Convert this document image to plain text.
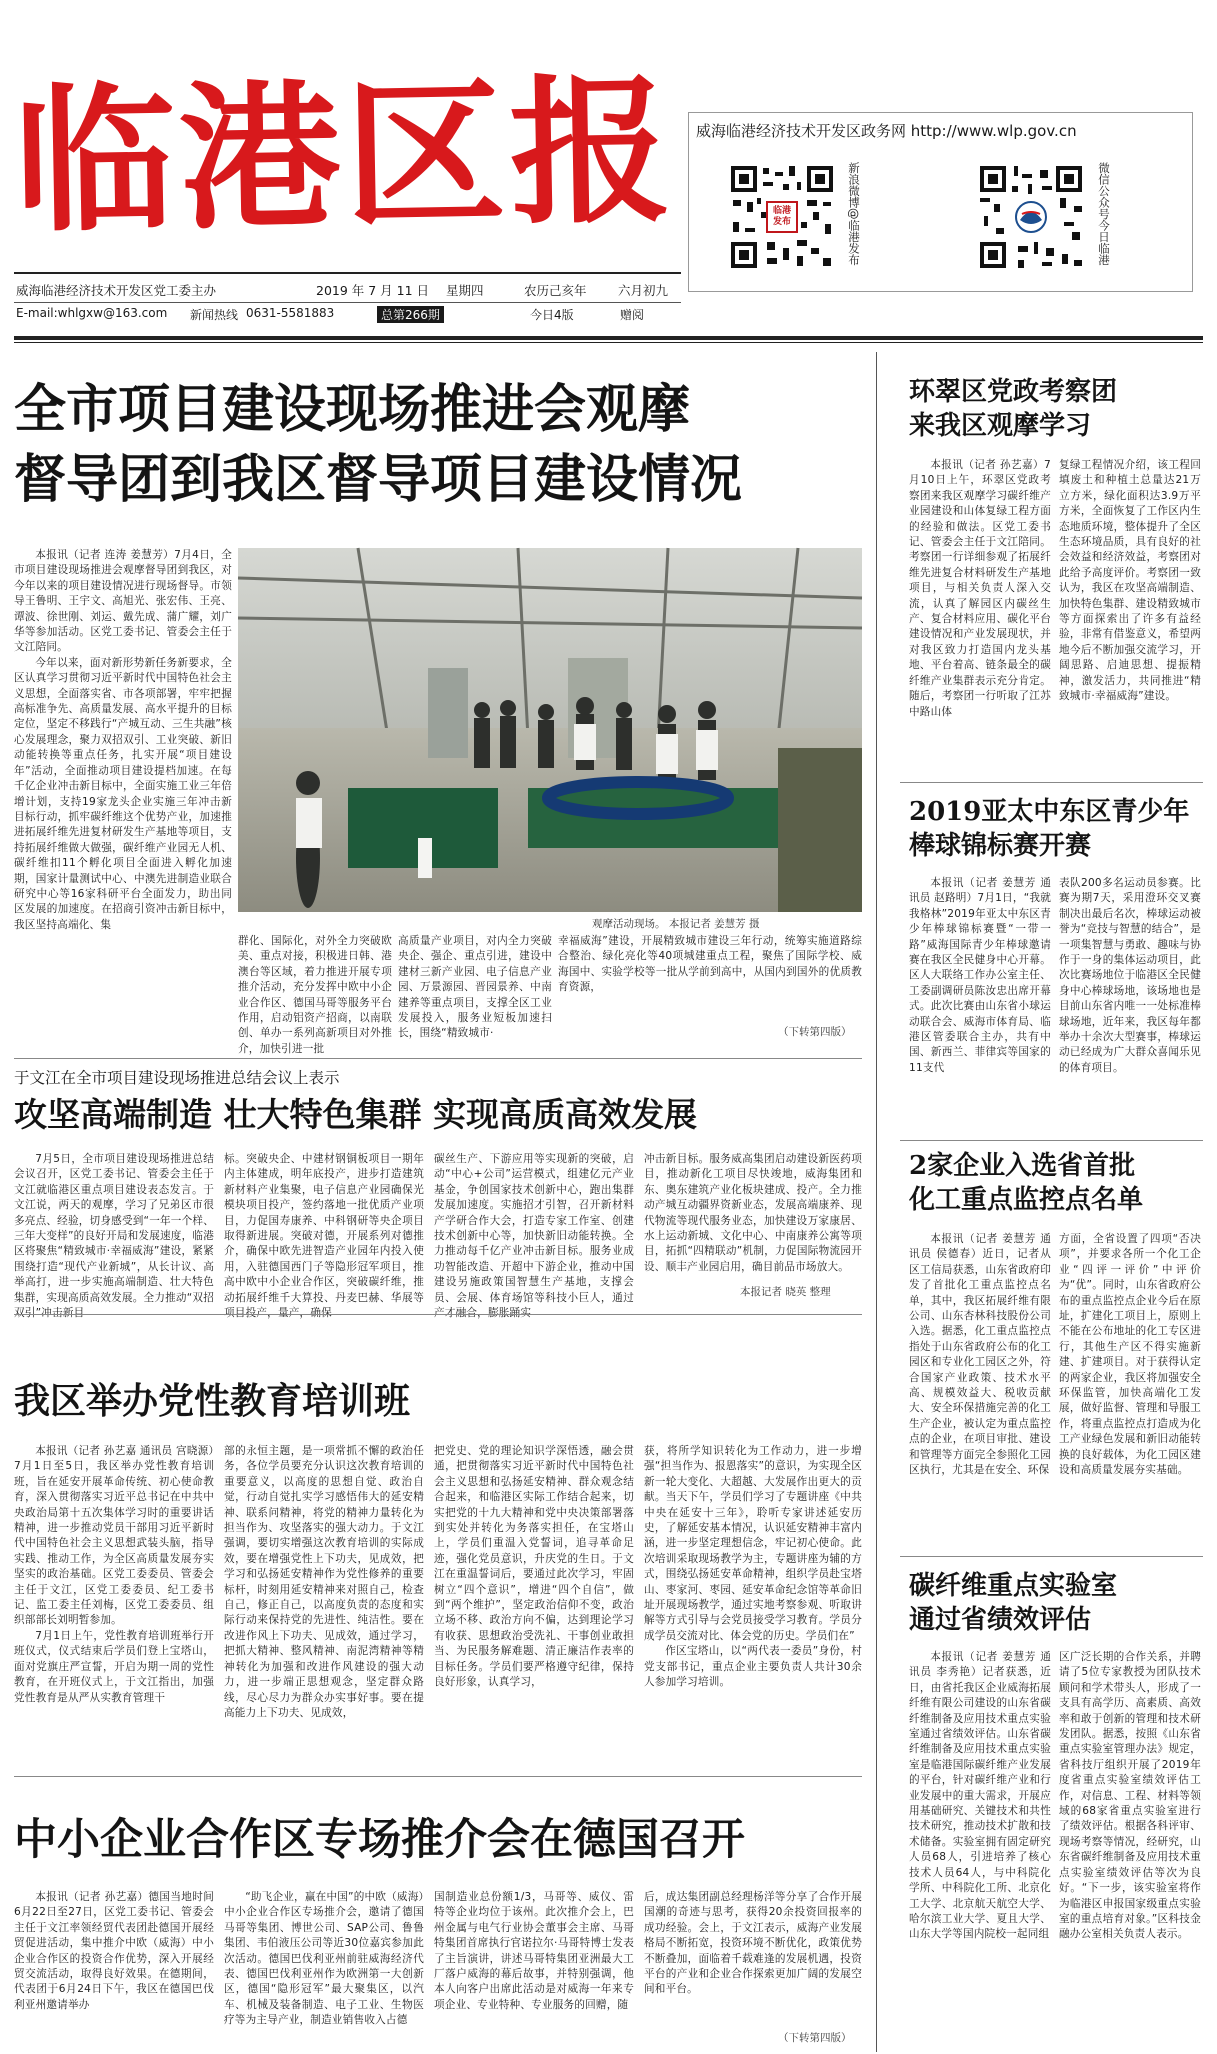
临港区报	威海临港经济技术开发区政务网 http://www.wlp.gov.cn
临港发布	新浪微博@临港发布	微信公众号今日临港
威海临港经济技术开发区党工委主办	2019 年 7 月 11 日 星期四	农历己亥年	六月初九
E-mail:whlgxw@163.com 新闻热线 0631-5581883	总第266期	今日4版	赠阅
全市项目建设现场推进会观摩
督导团到我区督导项目建设情况

本报讯（记者 连涛 姜慧芳）7月4日，全市项目建设现场推进会观摩督导团到我区，对今年以来的项目建设情况进行现场督导。市领导王鲁明、王宇文、高旭光、张宏伟、王亮、谭波、徐世刚、刘运、戴先成、蒲广耀，刘广华等参加活动。区党工委书记、管委会主任于文江陪同。

今年以来，面对新形势新任务新要求，全区认真学习贯彻习近平新时代中国特色社会主义思想，全面落实省、市各项部署，牢牢把握高标准争先、高质量发展、高水平提升的目标定位，坚定不移践行“产城互动、三生共融”核心发展理念，聚力双招双引、工业突破、新旧动能转换等重点任务，扎实开展“项目建设年”活动，全面推动项目建设提档加速。在每千亿企业冲击新目标中，全面实施工业三年倍增计划，支持19家龙头企业实施三年冲击新目标行动，抓牢碳纤维这个优势产业，加速推进拓展纤维先进复材研发生产基地等项目，支持拓展纤维做大做强，碳纤维产业园无人机、碳纤维扣11个孵化项目全面进入孵化加速期，国家计量测试中心、中澳先进制造业联合研究中心等16家科研平台全面发力，助出同区发展的加速度。在招商引资冲击新目标中，我区坚持高端化、集	观摩活动现场。 本报记者 姜慧芳 摄

群化、国际化，对外全力突破欧美、重点对接，积极进日韩、港澳台等区域，着力推进开展专项推介活动，充分发挥中欧中小企业合作区、德国马哥等服务平台作用，启动铝资产招商，以南联创、单办一系列高新项目对外推介，加快引进一批

高质量产业项目，对内全力突破央企、强企、重点引进，建设中建材三新产业园、电子信息产业园、万景源园、晋园景养、中南建养等重点项目，支撑全区工业发展投入，服务业短板加速扫长，围绕“精致城市·

幸福威海”建设，开展精致城市建设三年行动，统筹实施道路综合整治、绿化亮化等40项城建重点工程，聚焦了国际学校、威海国中、实验学校等一批从学前到高中，从国内到国外的优质教育资源，

（下转第四版）
于文江在全市项目建设现场推进总结会议上表示
攻坚高端制造 壮大特色集群 实现高质高效发展

7月5日，全市项目建设现场推进总结会议召开，区党工委书记、管委会主任于文江就临港区重点项目建设表态发言。于文江说，两天的观摩，学习了兄弟区市很多亮点、经验，切身感受到“一年一个样、三年大变样”的良好开局和发展速度，临港区将聚焦“精致城市·幸福威海”建设，紧紧围绕打造“现代产业新城”，从长计议、高举高打，进一步实施高端制造、壮大特色集群，实现高质高效发展。全力推动“双招

标。突破央企、中建材钢铜板项目一期年内主体建成，明年底投产，进步打造建筑新材料产业集聚，电子信息产业园确保光模块项目投产，签约落地一批优质产业项目，力促国寿康养、中科钢研等央企项目取得新进展。突破对德，开展系列对德推介，确保中欧先进智造产业园年内投入使用，入驻德国西门子等隐形冠军项目，推高中欧中小企业合作区，突破碳纤维，推动拓展纤维千大算投、丹麦巴赫、华展等

碳丝生产、下游应用等实现新的突破，启动“中心+公司”运营模式，组建亿元产业基金，争创国家技术创新中心，跑出集群发展加速度。实施招才引智，召开新材料产学研合作大会，打造专家工作室、创建技术创新中心等，加快新旧动能转换。全力推动每千亿产业冲击新目标。服务业成功智能改造、开超中下游企业，推动中国建设另施政策国智慧生产基地，支撑会员、会展、体育场馆等科技小巨人，通过

冲击新目标。服务威高集团启动建设新医药项目，推动新化工项目尽快竣地，威海集团和东、奥东建筑产业化板块建成、投产。全力推动产城互动疆界资新业态，发展高端康养、现代物流等现代服务业态，加快建设万家康居、水上运动新城、文化中心、中南康养公寓等项目，拓抓“四精联动”机制，力促国际物流园开设、顺丰产业园启用，确目前品市场放大。

本报记者 晓英 整理
我区举办党性教育培训班

本报讯（记者 孙艺嘉 通讯员 宫晓源）7月1日至5日，我区举办党性教育培训班，旨在延安开展革命传统、初心使命教育，深入贯彻落实习近平总书记在中共中央政治局第十五次集体学习时的重要讲话精神，进一步推动党员干部用习近平新时代中国特色社会主义思想武装头脑，指导实践、推动工作，为全区高质量发展夯实坚实的政治基础。区党工委委员、管委会主任于文江，区党工委委员、纪工委书记、监工委主任刘梅，区党工委委员、组织部部长刘明暂参加。

7月1日上午，党性教育培训班举行开班仪式，仪式结束后学员们登上宝塔山，面对党旗庄严宣誓，开启为期一周的党性教育，在开班仪式上，于文江指出，加强党性教育是从严从实教育管理干

部的永恒主题，是一项常抓不懈的政治任务，各位学员要充分认识这次教育培训的重要意义，以高度的思想自觉、政治自觉，行动自觉扎实学习感悟伟大的延安精神、联系问精神，将党的精神力量转化为担当作为、攻坚落实的强大动力。于文江强调，要切实增强这次教育培训的实际成效，要在增强党性上下功夫，见成效，把学习和弘扬延安精神作为党性修养的重要标杆，时刻用延安精神来对照自己，检查自己，修正自己，以高度负责的态度和实际行动来保持党的先进性、纯洁性。要在改进作风上下功夫、见成效，通过学习，把抓大精神、整风精神、南泥湾精神等精神转化为加强和改进作风建设的强大动力，进一步端正思想观念，坚定群众路线，尽心尽力为群众办实事好事。要在提高能力上下功夫、见成效，

把党史、党的理论知识学深悟透，融会贯通，把贯彻落实习近平新时代中国特色社会主义思想和弘扬延安精神、群众观念结合起来，和临港区实际工作结合起来，切实把党的十九大精神和党中央决策部署落到实处并转化为务落实担任，在宝塔山上，学员们重温入党誓词，追寻革命足迹，强化党员意识，升庆党的生日。于文江在重温誓词后，要通过此次学习，牢固树立“四个意识”，增进“四个自信”，做到“两个维护”，坚定政治信仰不变，政治立场不移、政治方向不偏，达到理论学习有收获、思想政治受洗礼、干事创业敢担当、为民服务解难题、清正廉洁作表率的目标任务。学员们要严格遵守纪律，保持良好形象，认真学习，

获，将所学知识转化为工作动力，进一步增强“担当作为、报恩落实”的意识，为实现全区新一轮大变化、大超越、大发展作出更大的贡献。当天下午，学员们学习了专题讲座《中共中央在延安十三年》，聆听专家讲述延安历史，了解延安基本情况，认识延安精神丰富内涵，进一步坚定理想信念，牢记初心使命。此次培训采取现场教学为主，专题讲座为辅的方式，围绕弘扬延安革命精神，组织学员赴宝塔山、枣家河、枣园、延安革命纪念馆等革命旧址开展现场教学，通过实地考察参观、听取讲解等方式引导与会党员接受学习教育。学员分成学员交流对比、体会党的历史。学员们在”

作区宝塔山，以“两代表一委员”身份，村党支部书记，重点企业主要负责人共计30余人参加学习培训。

中小企业合作区专场推介会在德国召开

本报讯（记者 孙艺嘉）德国当地时间6月22日至27日，区党工委书记、管委会主任于文江率领经贸代表团赴德国开展经贸促进活动，集中推介中欧（威海）中小企业合作区的投资合作优势，深入开展经贸交流活动，取得良好效果。在德期间，代表团于6月24日下午，我区在德国巴伐利亚州邀请举办

“助飞企业，赢在中国”的中欧（威海）中小企业合作区专场推介会，邀请了德国马哥等集团、博世公司、SAP公司、鲁鲁集团、韦伯液压公司等近30位嘉宾参加此次活动。德国巴伐利亚州前驻威海经济代表、德国巴伐利亚州作为欧洲第一大创新区，德国“隐形冠军”最大聚集区，以汽车、机械及装备制造、电子工业、生物医疗等为主导产业，制造业销售收入占德

国制造业总份额1/3，马哥等、威仪、雷特等企业均位于该州。此次推介会上，巴州金属与电气行业协会董事会主席、马哥特集团首席执行官诺拉尔·马哥特博士发表了主旨演讲，讲述马哥特集团亚洲最大工厂落户威海的幕后故事，并特别强调，他本人向客户出席此活动是对威海一年来专项企业、专业特种、专业服务的回赠，随

后，成达集团副总经理杨洋等分享了合作开展国潮的奇迹与思考，获得20余投资回报率的成功经验。会上，于文江表示，威海产业发展格局不断拓宽，投资环境不断优化，政策优势不断叠加，面临着千载难逢的发展机遇，投资平台的产业和企业合作探索更加广阔的发展空间和平台。

（下转第四版）
环翠区党政考察团
来我区观摩学习

本报讯（记者 孙艺嘉）7月10日上午，环翠区党政考察团来我区观摩学习碳纤维产业园建设和山体复绿工程方面的经验和做法。区党工委书记、管委会主任于文江陪同。考察团一行详细参观了拓展纤维先进复合材料研发生产基地项目，与相关负责人深入交流，认真了解园区内碳丝生产、复合材料应用、碳化平台建设情况和产业发展现状，并对我区致力打造国内龙头基地、平台着高、链条最全的碳纤维产业集群表示充分肯定。随后，考察团一行听取了江苏中路山体

复绿工程情况介绍，该工程回填废土和种植土总量达21万立方米，绿化面积达3.9万平方米，全面恢复了工作区内生态地质环境，整体提升了全区生态环境品质，具有良好的社会效益和经济效益，考察团对此给予高度评价。考察团一致认为，我区在攻坚高端制造、加快特色集群、建设精致城市等方面探索出了许多有益经验，非常有借鉴意义，希望两地今后不断加强交流学习，开阔思路、启迪思想、提振精神，激发活力，共同推进“精致城市·幸福威海”建设。

2019亚太中东区青少年
棒球锦标赛开赛

本报讯（记者 姜慧芳 通讯员 赵路明）7月1日，“我就我格林”2019年亚太中东区青少年棒球锦标赛暨“一带一路”威海国际青少年棒球邀请赛在我区全民健身中心开幕。区人大联络工作办公室主任、工委副调研员陈汝忠出席开幕式。此次比赛由山东省小球运动联合会、威海市体育局、临港区管委联合主办，共有中国、新西兰、菲律宾等国家的11支代

表队200多名运动员参赛。比赛为期7天，采用澄环交叉赛制决出最后名次，棒球运动被誉为“竞技与智慧的结合”，是一项集智慧与勇敢、趣味与协作于一身的集体运动项目，此次比赛场地位于临港区全民健身中心棒球场地，该场地也是目前山东省内唯一一处标准棒球场地，近年来，我区每年都举办十余次大型赛事，棒球运动已经成为广大群众喜闻乐见的体育项目。

2家企业入选省首批
化工重点监控点名单

本报讯（记者 姜慧芳 通讯员 侯德春）近日，记者从区工信局获悉，山东省政府印发了首批化工重点监控点名单，其中，我区拓展纤维有限公司、山东杏林科技股份公司入选。据悉，化工重点监控点指处于山东省政府公布的化工园区和专业化工园区之外，符合国家产业政策、技术水平高、规模效益大、税收贡献大、安全环保措施完善的化工生产企业，被认定为重点监控点的企业，在项目审批、建设和管理等方面完全参照化工园区执行，尤其是在安全、环保

方面，全省设置了四项“否决项”，并要求各所一个化工企业“四评一评价”中评价为“优”。同时，山东省政府公布的重点监控点企业今后在原址，扩建化工项目上，原则上不能在公布地址的化工专区进行，其他生产区不得实施新建、扩建项目。对于获得认定的两家企业，我区将加强安全环保监管，加快高端化工发展，做好监督、管理和导服工作，将重点监控点打造成为化工产业绿色发展和新旧动能转换的良好载体，为化工园区建设和高质量发展夯实基础。

碳纤维重点实验室
通过省绩效评估

本报讯（记者 姜慧芳 通讯员 李秀艳）记者获悉，近日，由省托我区企业威海拓展纤维有限公司建设的山东省碳纤维制备及应用技术重点实验室通过省绩效评估。山东省碳纤维制备及应用技术重点实验室是临港国际碳纤维产业发展的平台，针对碳纤维产业和行业发展中的重大需求，开展应用基础研究、关键技术和共性技术研究，推动技术扩散和技术储备。实验室拥有固定研究人员68人，引进培养了核心技术人员64人，与中科院化学所、中科院化工所、北京化工大学、北京航天航空大学、哈尔滨工业大学、夏且大学、山东大学等国内院校一起同组

区广泛长期的合作关系，并聘请了5位专家教授为团队技术顾问和学术带头人，形成了一支具有高学历、高素质、高效率和敢于创新的管理和技术研发团队。据悉，按照《山东省重点实验室管理办法》规定，省科技厅组织开展了2019年度省重点实验室绩效评估工作，对信息、工程、材料等领域的68家省重点实验室进行了绩效评估。根据各科评审、现场考察等情况，经研究，山东省碳纤维制备及应用技术重点实验室绩效评估等次为良好。“下一步，该实验室将作为临港区申报国家级重点实验室的重点培育对象。”区科技金融办公室相关负责人表示。
